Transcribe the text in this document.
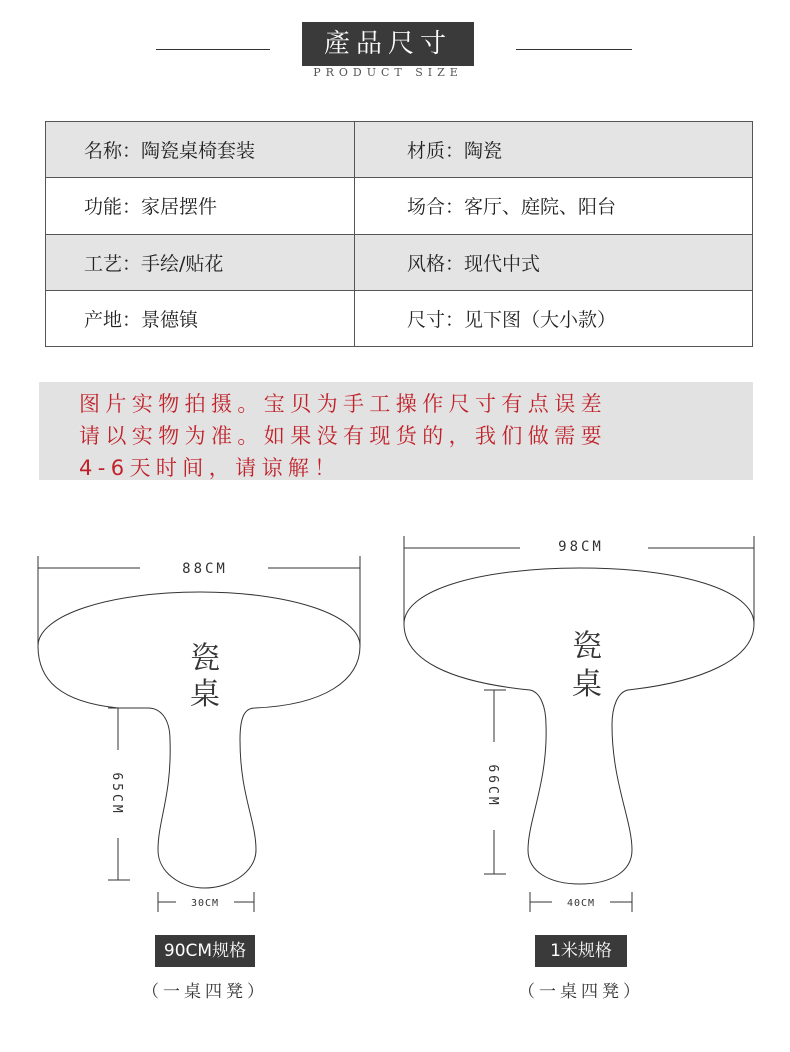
產品尺寸
PRODUCT SIZE
名称：陶瓷桌椅套装	材质：陶瓷
功能：家居摆件	场合：客厅、庭院、阳台
工艺：手绘/贴花	风格：现代中式
产地：景德镇	尺寸：见下图（大小款）
图片实物拍摄。宝贝为手工操作尺寸有点误差
请以实物为准。如果没有现货的，我们做需要
4-6天时间，请谅解！
88CM
65CM
30CM
瓷
桌
98CM
66CM
40CM
瓷
桌
90CM规格
（一桌四凳）
1米规格
（一桌四凳）
